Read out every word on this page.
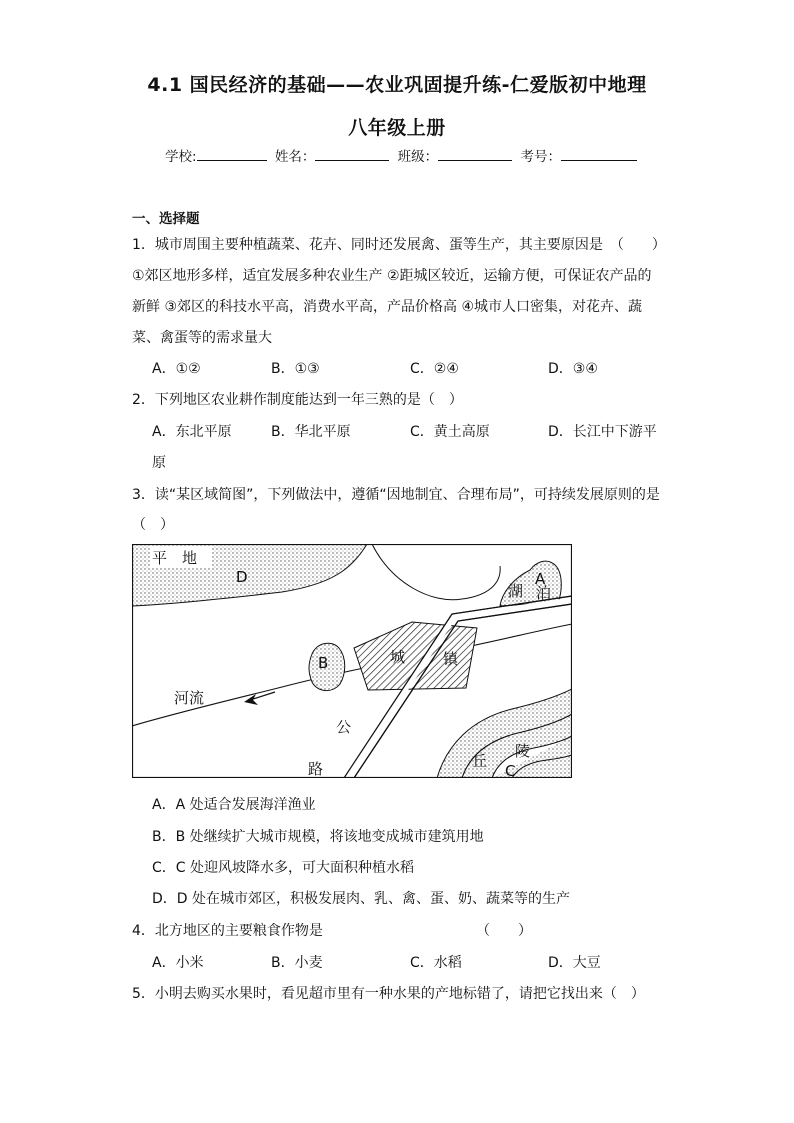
4.1 国民经济的基础——农业巩固提升练-仁爱版初中地理
八年级上册
学校:	姓名：	班级：	考号：
一、选择题
1．城市周围主要种植蔬菜、花卉、同时还发展禽、蛋等生产，其主要原因是　（　　）
①郊区地形多样，适宜发展多种农业生产 ②距城区较近，运输方便，可保证农产品的
新鲜 ③郊区的科技水平高，消费水平高，产品价格高 ④城市人口密集，对花卉、蔬
菜、禽蛋等的需求量大
A．①②	B．①③	C．②④	D．③④
2．下列地区农业耕作制度能达到一年三熟的是（　）
A．东北平原	B．华北平原	C．黄土高原	D．长江中下游平
原
3．读“某区域简图”，下列做法中，遵循“因地制宜、合理布局”，可持续发展原则的是
（　）
平　地
D
湖 泊
A
B	城	镇
河流
公
路	丘
陵
C
A．A 处适合发展海洋渔业
B．B 处继续扩大城市规模，将该地变成城市建筑用地
C．C 处迎风坡降水多，可大面积种植水稻
D．D 处在城市郊区，积极发展肉、乳、禽、蛋、奶、蔬菜等的生产
4．北方地区的主要粮食作物是	（　　）
A．小米	B．小麦	C．水稻	D．大豆
5．小明去购买水果时，看见超市里有一种水果的产地标错了，请把它找出来（　）
